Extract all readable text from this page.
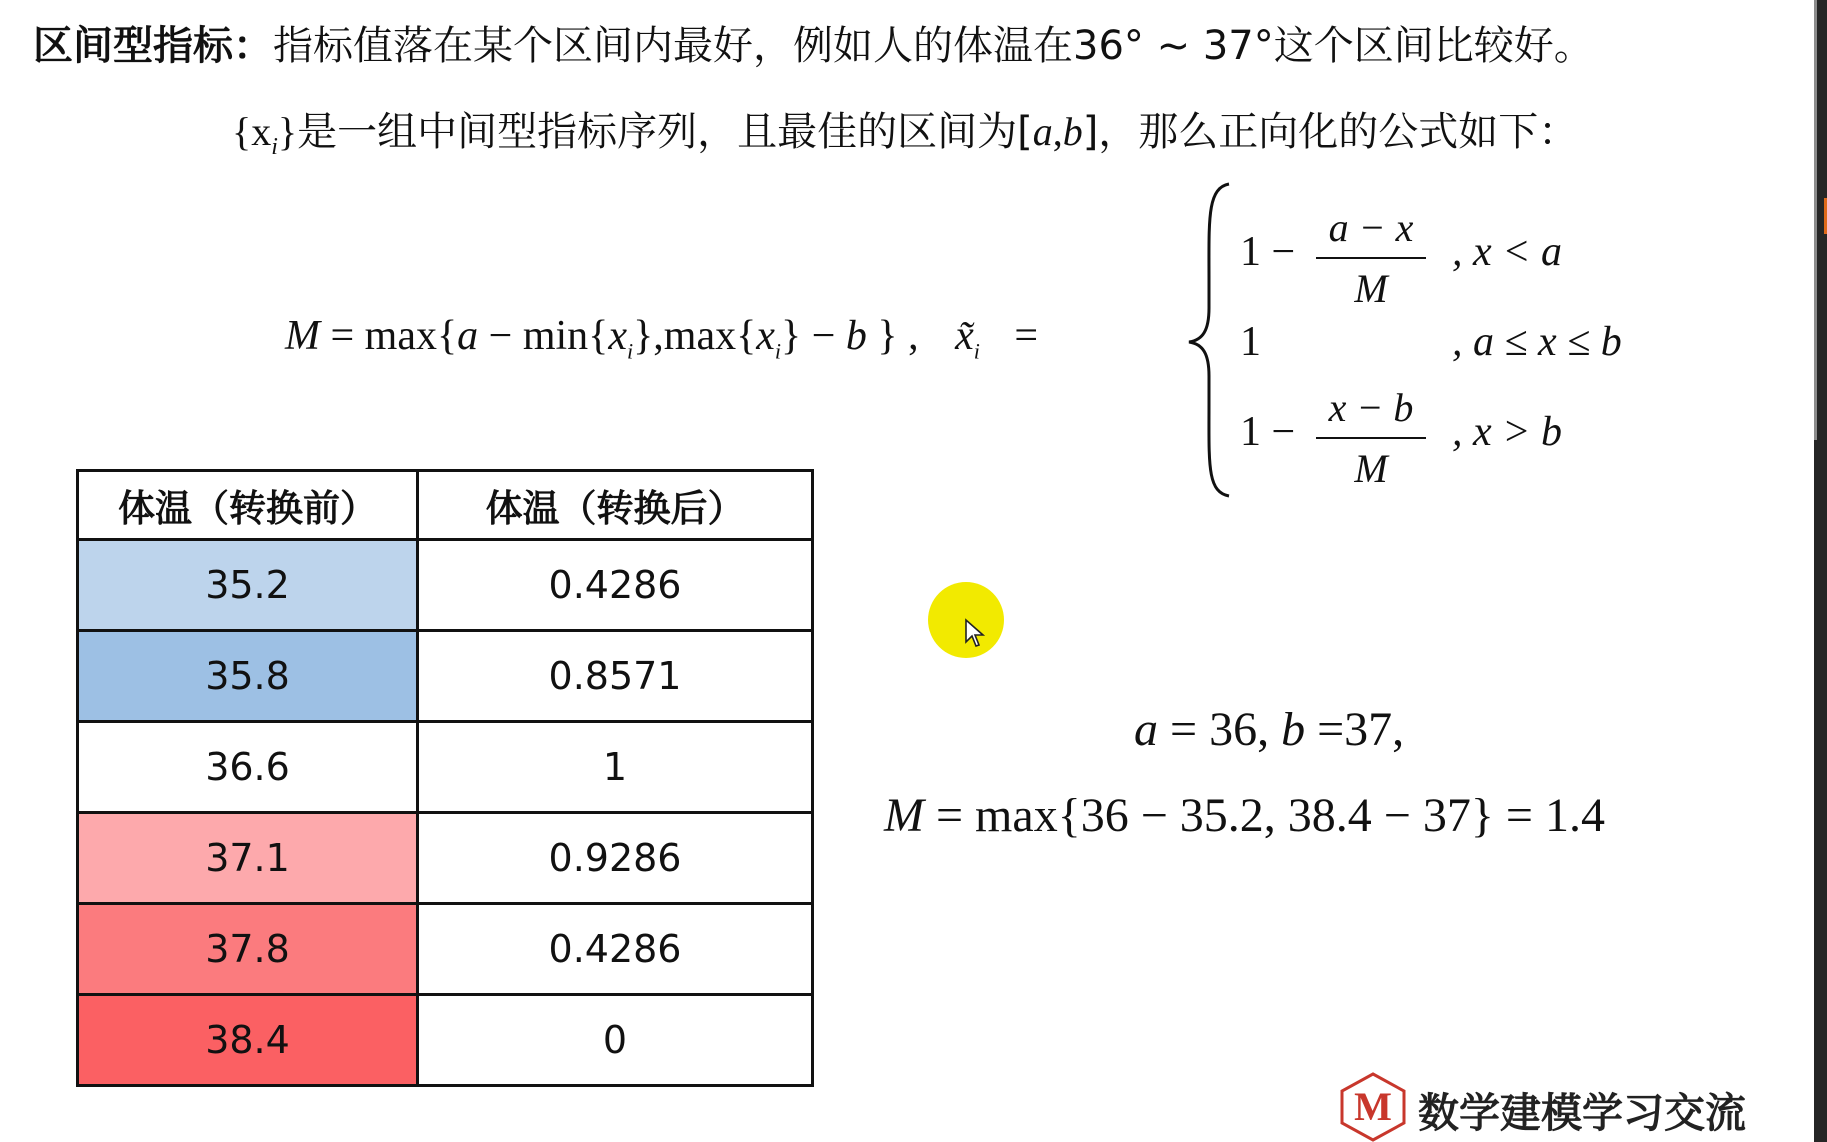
区间型指标：指标值落在某个区间内最好，例如人的体温在36° ~ 37°这个区间比较好。
$\{x_i\}$是一组中间型指标序列，且最佳的区间为[a,b]，那么正向化的公式如下：
$M = \max\{a - \min\{x_i\},\max\{x_i\} - b$ } , $x̃_i$ =
1 −
a − x
M
, x < a
1	, a ≤ x ≤ b
1 −
x − b
M
, x > b
体温（转换前）	体温（转换后）
35.2	0.4286
35.8	0.8571
36.6	1
37.1	0.9286
37.8	0.4286
38.4	0
a = 36, b =37,
M = max{36 − 35.2, 38.4 − 37} = 1.4
M 数学建模学习交流
